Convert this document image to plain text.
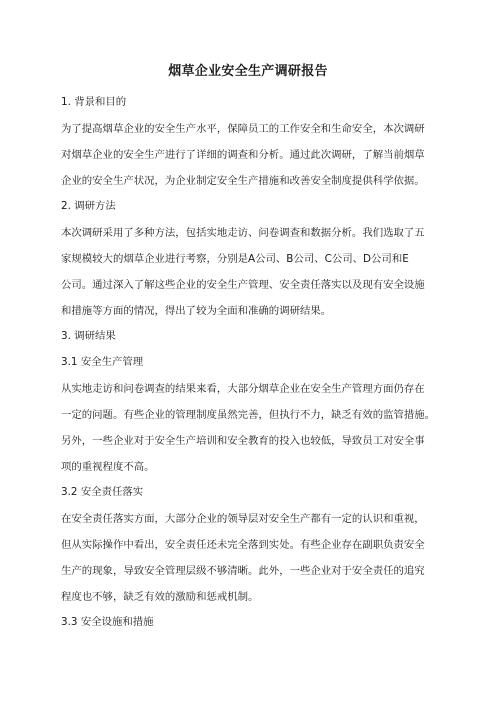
烟草企业安全生产调研报告
1. 背景和目的
为了提高烟草企业的安全生产水平，保障员工的工作安全和生命安全，本次调研
对烟草企业的安全生产进行了详细的调查和分析。通过此次调研，了解当前烟草
企业的安全生产状况，为企业制定安全生产措施和改善安全制度提供科学依据。
2. 调研方法
本次调研采用了多种方法，包括实地走访、问卷调查和数据分析。我们选取了五
家规模较大的烟草企业进行考察，分别是A公司、B公司、C公司、D公司和E
公司。通过深入了解这些企业的安全生产管理、安全责任落实以及现有安全设施
和措施等方面的情况，得出了较为全面和准确的调研结果。
3. 调研结果
3.1 安全生产管理
从实地走访和问卷调查的结果来看，大部分烟草企业在安全生产管理方面仍存在
一定的问题。有些企业的管理制度虽然完善，但执行不力，缺乏有效的监管措施。
另外，一些企业对于安全生产培训和安全教育的投入也较低，导致员工对安全事
项的重视程度不高。
3.2 安全责任落实
在安全责任落实方面，大部分企业的领导层对安全生产都有一定的认识和重视，
但从实际操作中看出，安全责任还未完全落到实处。有些企业存在副职负责安全
生产的现象，导致安全管理层级不够清晰。此外，一些企业对于安全责任的追究
程度也不够，缺乏有效的激励和惩戒机制。
3.3 安全设施和措施
